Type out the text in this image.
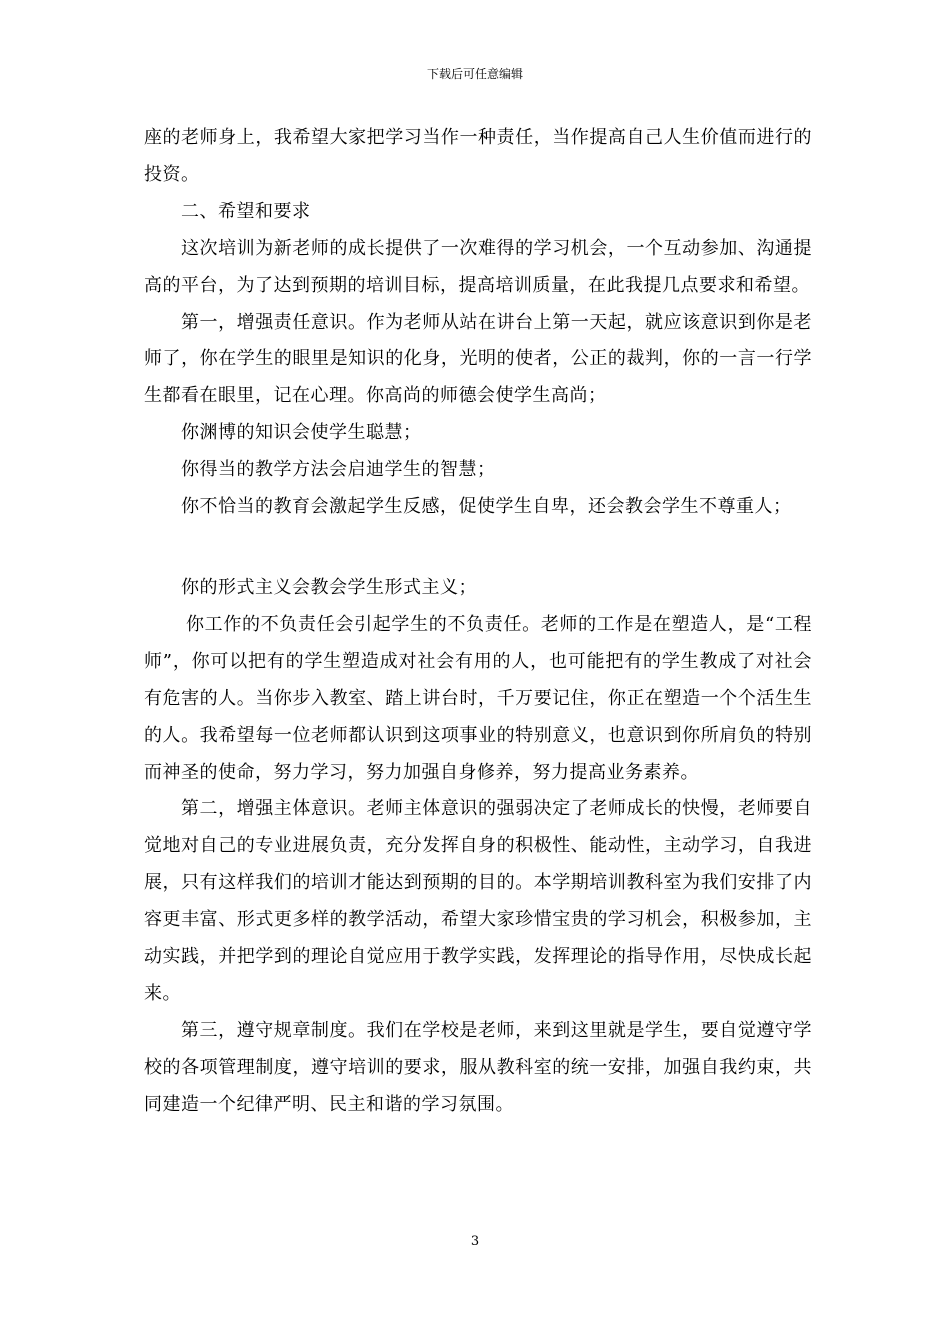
下载后可任意编辑

座的老师身上，我希望大家把学习当作一种责任，当作提高自己人生价值而进行的投资。

二、希望和要求

这次培训为新老师的成长提供了一次难得的学习机会，一个互动参加、沟通提高的平台，为了达到预期的培训目标，提高培训质量，在此我提几点要求和希望。

第一，增强责任意识。作为老师从站在讲台上第一天起，就应该意识到你是老师了，你在学生的眼里是知识的化身，光明的使者，公正的裁判，你的一言一行学生都看在眼里，记在心理。你高尚的师德会使学生高尚；

你渊博的知识会使学生聪慧；

你得当的教学方法会启迪学生的智慧；

你不恰当的教育会激起学生反感，促使学生自卑，还会教会学生不尊重人；

你的形式主义会教会学生形式主义；

你工作的不负责任会引起学生的不负责任。老师的工作是在塑造人，是“工程师”，你可以把有的学生塑造成对社会有用的人，也可能把有的学生教成了对社会有危害的人。当你步入教室、踏上讲台时，千万要记住，你正在塑造一个个活生生的人。我希望每一位老师都认识到这项事业的特别意义，也意识到你所肩负的特别而神圣的使命，努力学习，努力加强自身修养，努力提高业务素养。

第二，增强主体意识。老师主体意识的强弱决定了老师成长的快慢，老师要自觉地对自己的专业进展负责，充分发挥自身的积极性、能动性，主动学习，自我进展，只有这样我们的培训才能达到预期的目的。本学期培训教科室为我们安排了内容更丰富、形式更多样的教学活动，希望大家珍惜宝贵的学习机会，积极参加，主动实践，并把学到的理论自觉应用于教学实践，发挥理论的指导作用，尽快成长起来。

第三，遵守规章制度。我们在学校是老师，来到这里就是学生，要自觉遵守学校的各项管理制度，遵守培训的要求，服从教科室的统一安排，加强自我约束，共同建造一个纪律严明、民主和谐的学习氛围。

3
